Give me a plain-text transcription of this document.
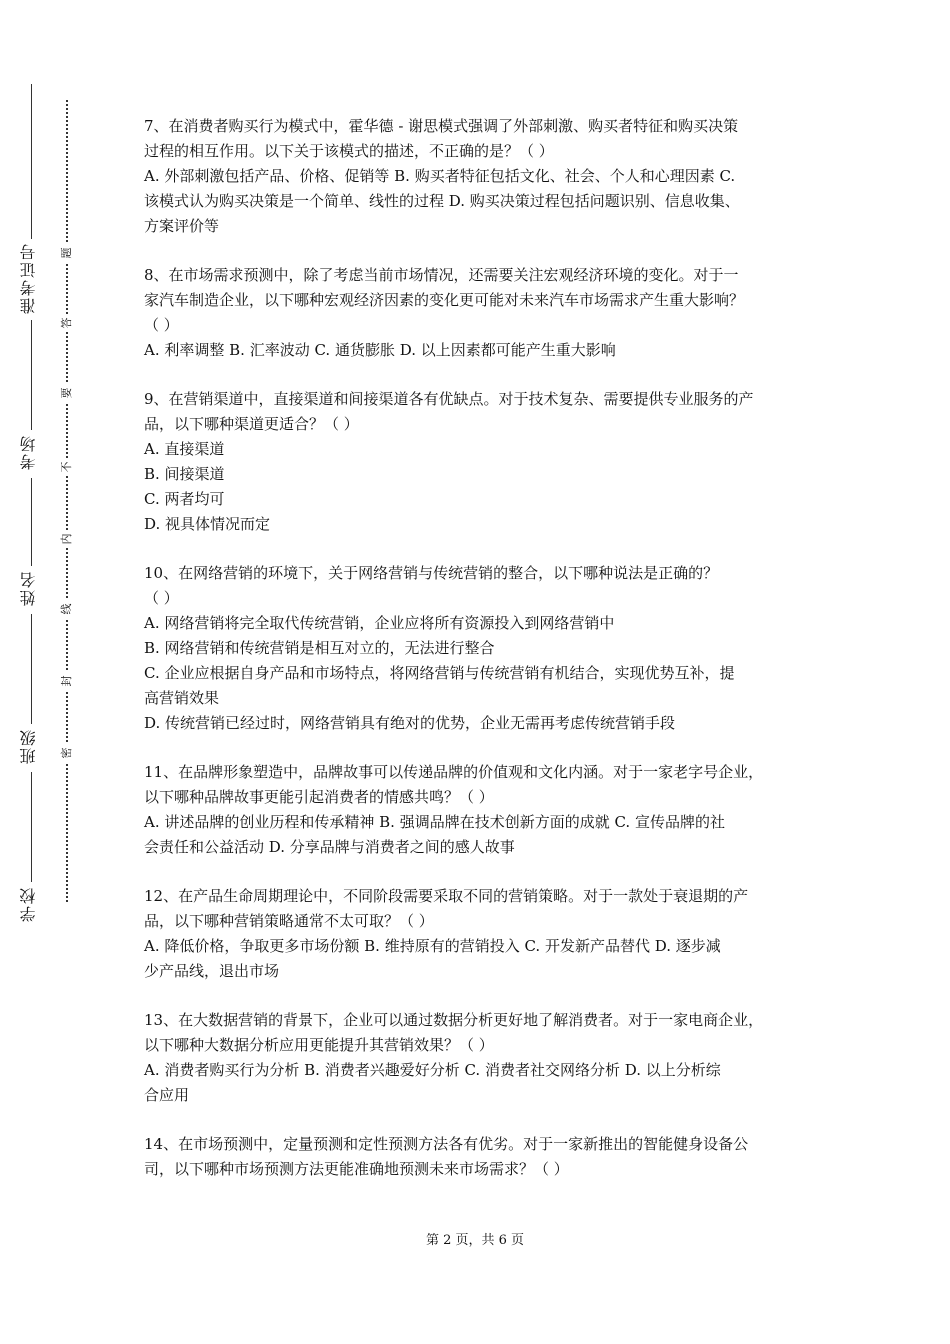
准考证号
考场
姓名
班级
学校
题
答
要
不
内
线
封
密
7、在消费者购买行为模式中，霍华德 - 谢思模式强调了外部刺激、购买者特征和购买决策
过程的相互作用。以下关于该模式的描述，不正确的是？（ ）
A. 外部刺激包括产品、价格、促销等 B. 购买者特征包括文化、社会、个人和心理因素 C.
该模式认为购买决策是一个简单、线性的过程 D. 购买决策过程包括问题识别、信息收集、
方案评价等
8、在市场需求预测中，除了考虑当前市场情况，还需要关注宏观经济环境的变化。对于一
家汽车制造企业，以下哪种宏观经济因素的变化更可能对未来汽车市场需求产生重大影响？
（ ）
A. 利率调整 B. 汇率波动 C. 通货膨胀 D. 以上因素都可能产生重大影响
9、在营销渠道中，直接渠道和间接渠道各有优缺点。对于技术复杂、需要提供专业服务的产
品，以下哪种渠道更适合？（ ）
A. 直接渠道
B. 间接渠道
C. 两者均可
D. 视具体情况而定
10、在网络营销的环境下，关于网络营销与传统营销的整合，以下哪种说法是正确的？
（ ）
A. 网络营销将完全取代传统营销，企业应将所有资源投入到网络营销中
B. 网络营销和传统营销是相互对立的，无法进行整合
C. 企业应根据自身产品和市场特点，将网络营销与传统营销有机结合，实现优势互补，提
高营销效果
D. 传统营销已经过时，网络营销具有绝对的优势，企业无需再考虑传统营销手段
11、在品牌形象塑造中，品牌故事可以传递品牌的价值观和文化内涵。对于一家老字号企业，
以下哪种品牌故事更能引起消费者的情感共鸣？（ ）
A. 讲述品牌的创业历程和传承精神 B. 强调品牌在技术创新方面的成就 C. 宣传品牌的社
会责任和公益活动 D. 分享品牌与消费者之间的感人故事
12、在产品生命周期理论中，不同阶段需要采取不同的营销策略。对于一款处于衰退期的产
品，以下哪种营销策略通常不太可取？（ ）
A. 降低价格，争取更多市场份额 B. 维持原有的营销投入 C. 开发新产品替代 D. 逐步减
少产品线，退出市场
13、在大数据营销的背景下，企业可以通过数据分析更好地了解消费者。对于一家电商企业，
以下哪种大数据分析应用更能提升其营销效果？（ ）
A. 消费者购买行为分析 B. 消费者兴趣爱好分析 C. 消费者社交网络分析 D. 以上分析综
合应用
14、在市场预测中，定量预测和定性预测方法各有优劣。对于一家新推出的智能健身设备公
司，以下哪种市场预测方法更能准确地预测未来市场需求？（ ）
第 2 页，共 6 页
